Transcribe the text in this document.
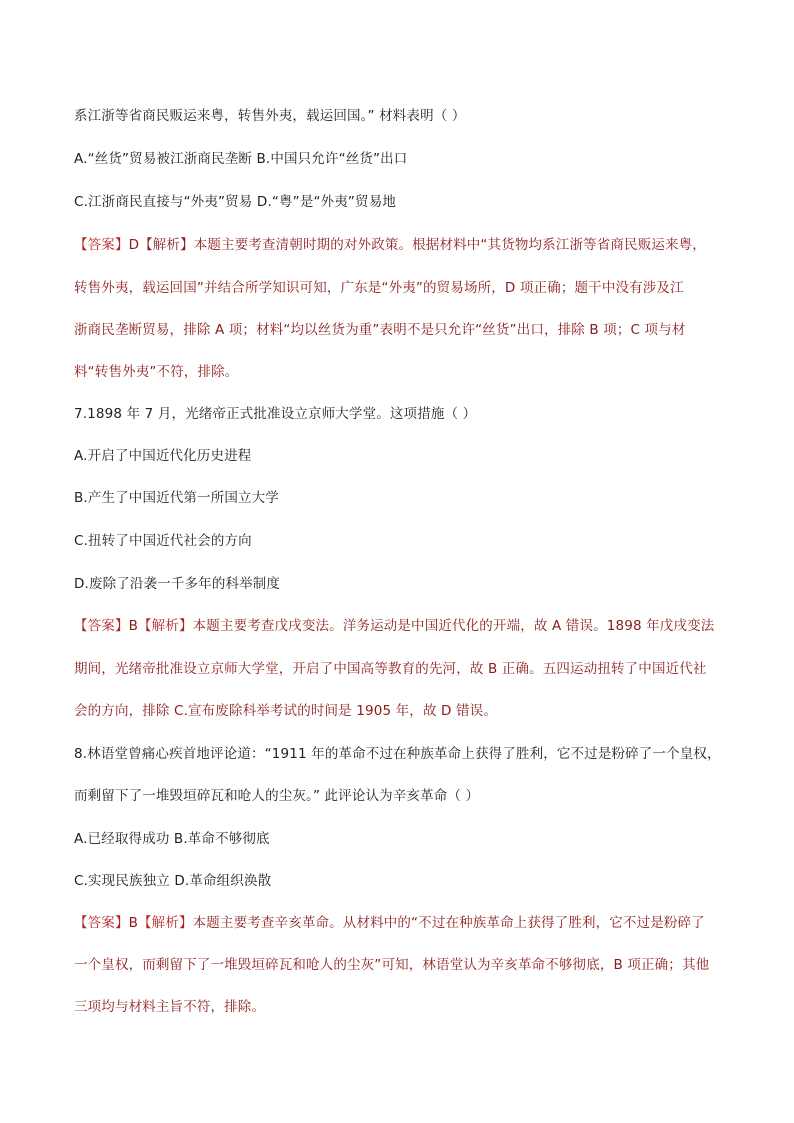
系江浙等省商民贩运来粤，转售外夷，载运回国。” 材料表明（ ）
A.“丝货”贸易被江浙商民垄断 B.中国只允许“丝货”出口
C.江浙商民直接与“外夷”贸易 D.“粤”是“外夷”贸易地
【答案】D【解析】本题主要考查清朝时期的对外政策。根据材料中“其货物均系江浙等省商民贩运来粤，
转售外夷，载运回国”并结合所学知识可知，广东是“外夷”的贸易场所，D 项正确；题干中没有涉及江
浙商民垄断贸易，排除 A 项；材料“均以丝货为重”表明不是只允许“丝货”出口，排除 B 项；C 项与材
料“转售外夷”不符，排除。
7.1898 年 7 月，光绪帝正式批准设立京师大学堂。这项措施（ ）
A.开启了中国近代化历史进程
B.产生了中国近代第一所国立大学
C.扭转了中国近代社会的方向
D.废除了沿袭一千多年的科举制度
【答案】B【解析】本题主要考查戊戌变法。洋务运动是中国近代化的开端，故 A 错误。1898 年戊戌变法
期间，光绪帝批准设立京师大学堂，开启了中国高等教育的先河，故 B 正确。五四运动扭转了中国近代社
会的方向，排除 C.宣布废除科举考试的时间是 1905 年，故 D 错误。
8.林语堂曾痛心疾首地评论道：“1911 年的革命不过在种族革命上获得了胜利，它不过是粉碎了一个皇权，
而剩留下了一堆毁垣碎瓦和呛人的尘灰。” 此评论认为辛亥革命（ ）
A.已经取得成功 B.革命不够彻底
C.实现民族独立 D.革命组织涣散
【答案】B【解析】本题主要考查辛亥革命。从材料中的“不过在种族革命上获得了胜利，它不过是粉碎了
一个皇权，而剩留下了一堆毁垣碎瓦和呛人的尘灰”可知，林语堂认为辛亥革命不够彻底，B 项正确；其他
三项均与材料主旨不符，排除。
